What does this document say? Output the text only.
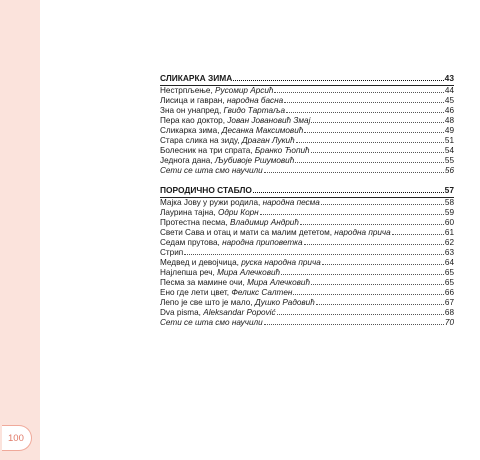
100
СЛИКАРКА ЗИМА	43
Нестрпљење, Русомир Арсић	44
Лисица и гавран, народна басна	45
Зна он унапред, Гвидо Тартаља	46
Пера као доктор, Јован Јовановић Змај	48
Сликарка зима, Десанка Максимовић	49
Стара слика на зиду, Драган Лукић	51
Болесник на три спрата, Бранко Ћопић	54
Једнога дана, Љубивоје Ршумовић	55
Сети се шта смо научили	56
ПОРОДИЧНО СТАБЛО	57
Мајка Јову у ружи родила, народна песма	58
Лаурина тајна, Одри Корн	59
Протестна песма, Владимир Андрић	60
Свети Сава и отац и мати са малим дететом, народна прича	61
Седам прутова, народна приповетка	62
Стрип	63
Медвед и девојчица, руска народна прича	64
Најлепша реч, Мира Алечковић	65
Песма за мамине очи, Мира Алечковић	65
Ено где лети цвет, Феликс Салтен	66
Лепо је све што је мало, Душко Радовић	67
Dva pisma, Aleksandar Popović	68
Сети се шта смо научили	70
